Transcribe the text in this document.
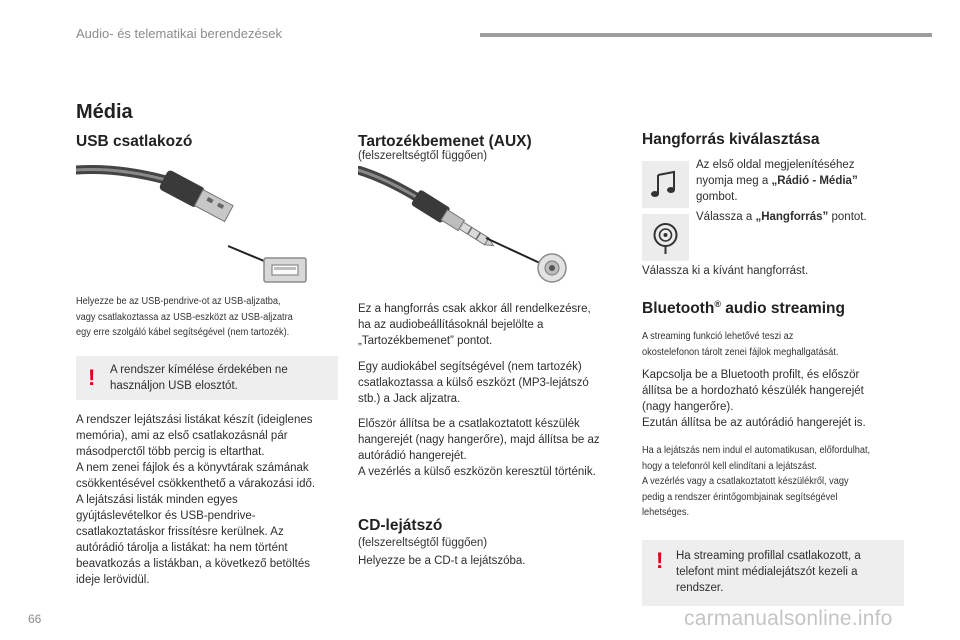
Audio- és telematikai berendezések
Média
USB csatlakozó
Helyezze be az USB-pendrive-ot az USB-aljzatba,
vagy csatlakoztassa az USB-eszközt az USB-aljzatra
egy erre szolgáló kábel segítségével (nem tartozék).
! A rendszer kímélése érdekében ne
használjon USB elosztót.
A rendszer lejátszási listákat készít (ideiglenes
memória), ami az első csatlakozásnál pár
másodperctől több percig is eltarthat.
A nem zenei fájlok és a könyvtárak számának
csökkentésével csökkenthető a várakozási idő.
A lejátszási listák minden egyes
gyújtáslevételkor és USB-pendrive-
csatlakoztatáskor frissítésre kerülnek. Az
autórádió tárolja a listákat: ha nem történt
beavatkozás a listákban, a következő betöltés
ideje lerövidül.
Tartozékbemenet (AUX)
(felszereltségtől függően)
Ez a hangforrás csak akkor áll rendelkezésre,
ha az audiobeállításoknál bejelölte a
„Tartozékbemenet” pontot.
Egy audiokábel segítségével (nem tartozék)
csatlakoztassa a külső eszközt (MP3-lejátszó
stb.) a Jack aljzatra.
Először állítsa be a csatlakoztatott készülék
hangerejét (nagy hangerőre), majd állítsa be az
autórádió hangerejét.
A vezérlés a külső eszközön keresztül történik.
CD-lejátszó
(felszereltségtől függően)
Helyezze be a CD-t a lejátszóba.
Hangforrás kiválasztása
Az első oldal megjelenítéséhez
nyomja meg a „Rádió - Média”
gombot.
Válassza a „Hangforrás” pontot.
Válassza ki a kívánt hangforrást.
Bluetooth® audio streaming
A streaming funkció lehetővé teszi az
okostelefonon tárolt zenei fájlok meghallgatását.
Kapcsolja be a Bluetooth profilt, és először
állítsa be a hordozható készülék hangerejét
(nagy hangerőre).
Ezután állítsa be az autórádió hangerejét is.
Ha a lejátszás nem indul el automatikusan, előfordulhat,
hogy a telefonról kell elindítani a lejátszást.
A vezérlés vagy a csatlakoztatott készülékről, vagy
pedig a rendszer érintőgombjainak segítségével
lehetséges.
! Ha streaming profillal csatlakozott, a
telefont mint médialejátszót kezeli a
rendszer.
66	carmanualsonline.info
